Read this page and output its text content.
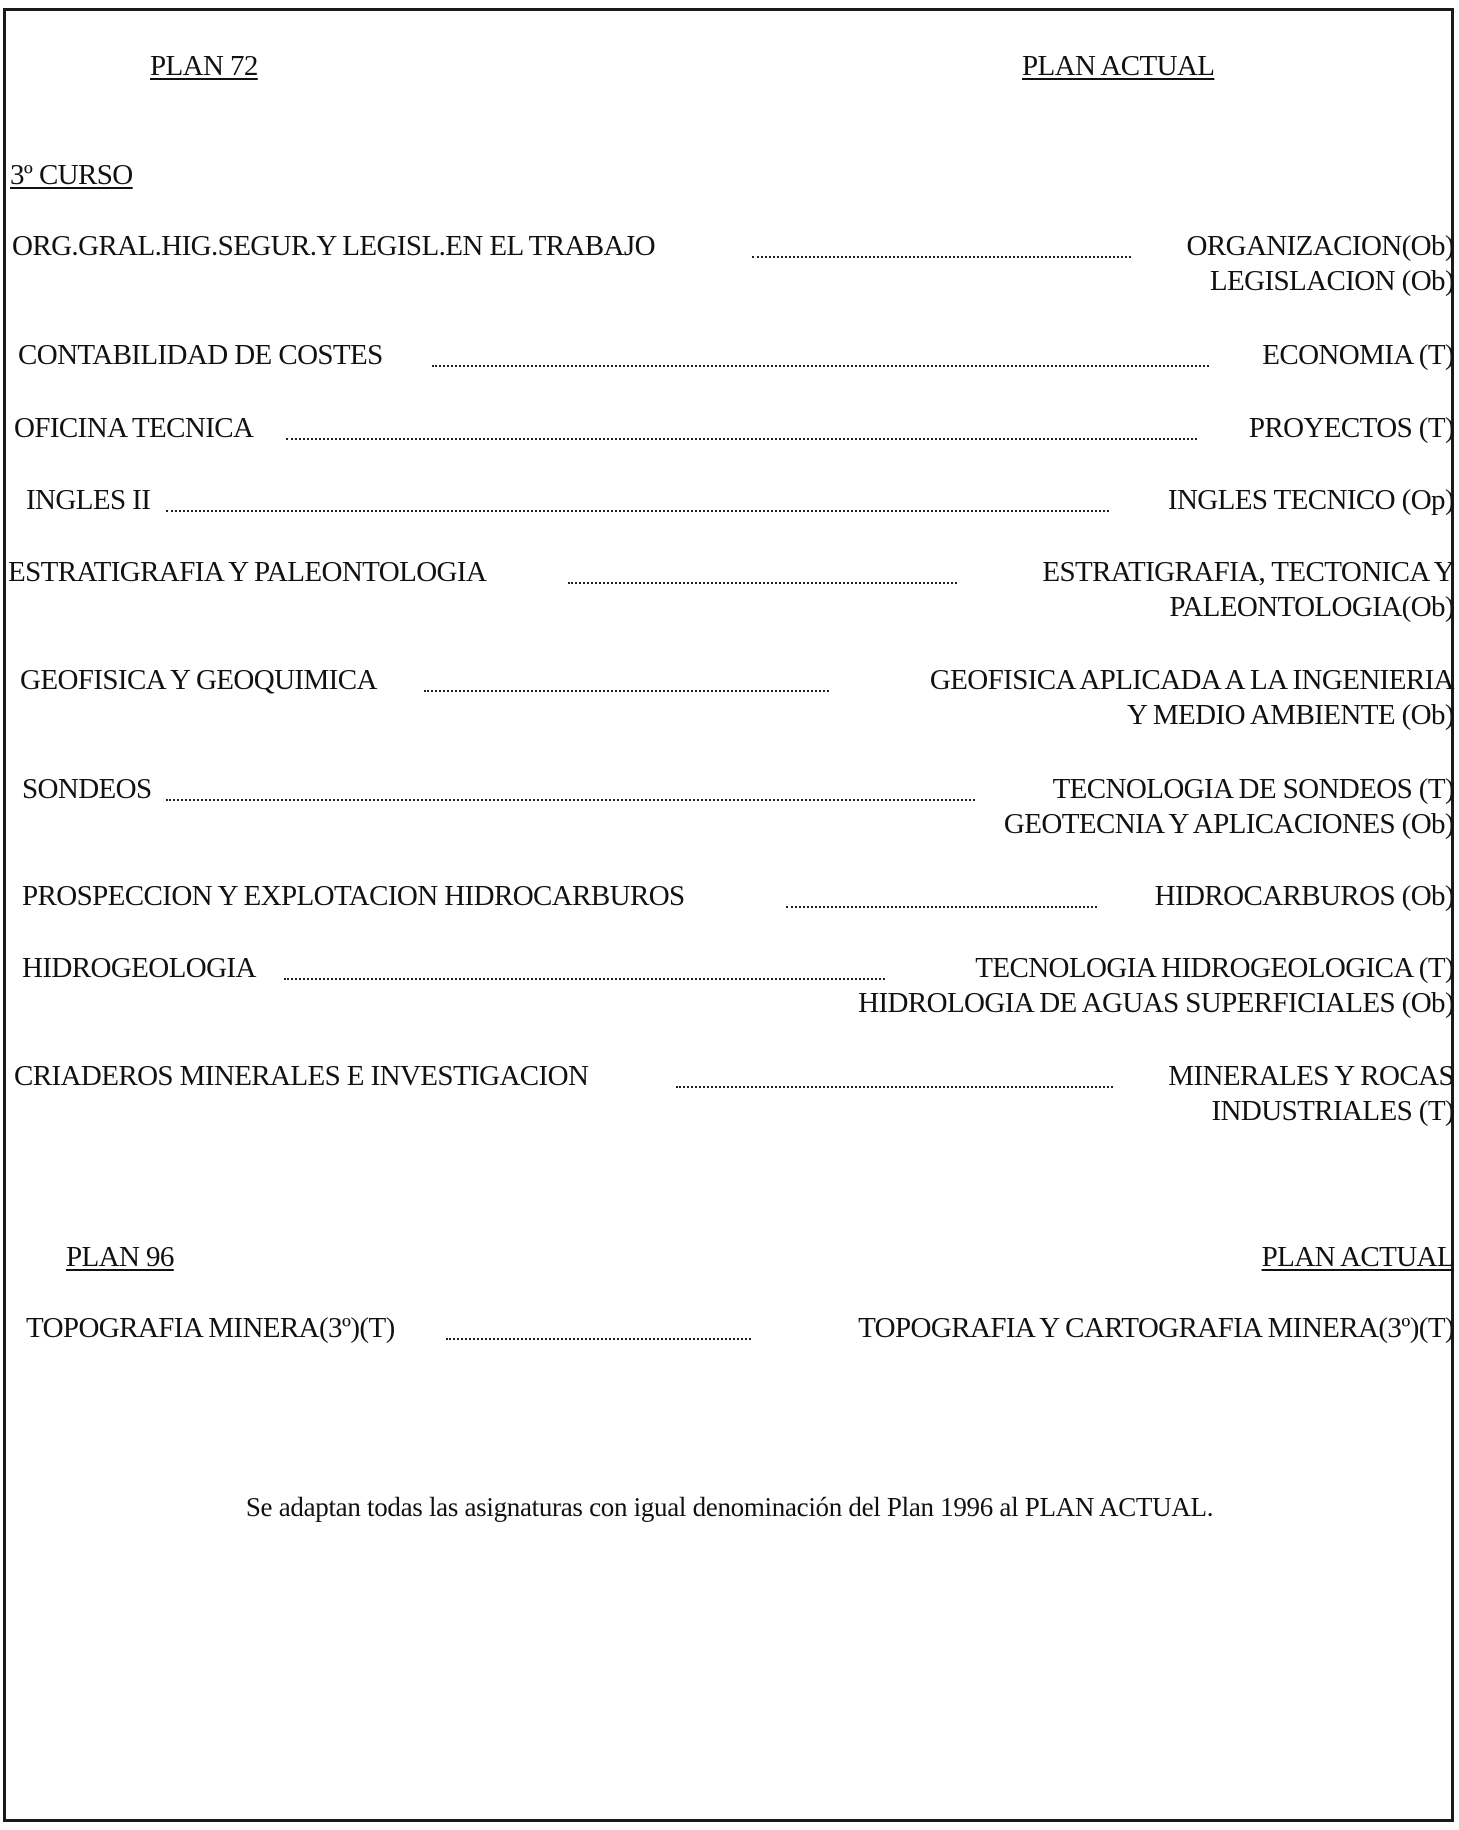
PLAN 72	PLAN ACTUAL
3º CURSO
ORG.GRAL.HIG.SEGUR.Y LEGISL.EN EL TRABAJO	ORGANIZACION(Ob)
LEGISLACION (Ob)
CONTABILIDAD DE COSTES	ECONOMIA (T)
OFICINA TECNICA	PROYECTOS (T)
INGLES II	INGLES TECNICO (Op)
ESTRATIGRAFIA Y PALEONTOLOGIA	ESTRATIGRAFIA, TECTONICA Y
PALEONTOLOGIA(Ob)
GEOFISICA Y GEOQUIMICA	GEOFISICA APLICADA A LA INGENIERIA
Y MEDIO AMBIENTE (Ob)
SONDEOS	TECNOLOGIA DE SONDEOS (T)
GEOTECNIA Y APLICACIONES (Ob)
PROSPECCION Y EXPLOTACION HIDROCARBUROS	HIDROCARBUROS (Ob)
HIDROGEOLOGIA	TECNOLOGIA HIDROGEOLOGICA (T)
HIDROLOGIA DE AGUAS SUPERFICIALES (Ob)
CRIADEROS MINERALES E INVESTIGACION	MINERALES Y ROCAS
INDUSTRIALES (T)
PLAN 96	PLAN ACTUAL
TOPOGRAFIA MINERA(3º)(T)	TOPOGRAFIA Y CARTOGRAFIA MINERA(3º)(T)
Se adaptan todas las asignaturas con igual denominación del Plan 1996 al PLAN ACTUAL.
